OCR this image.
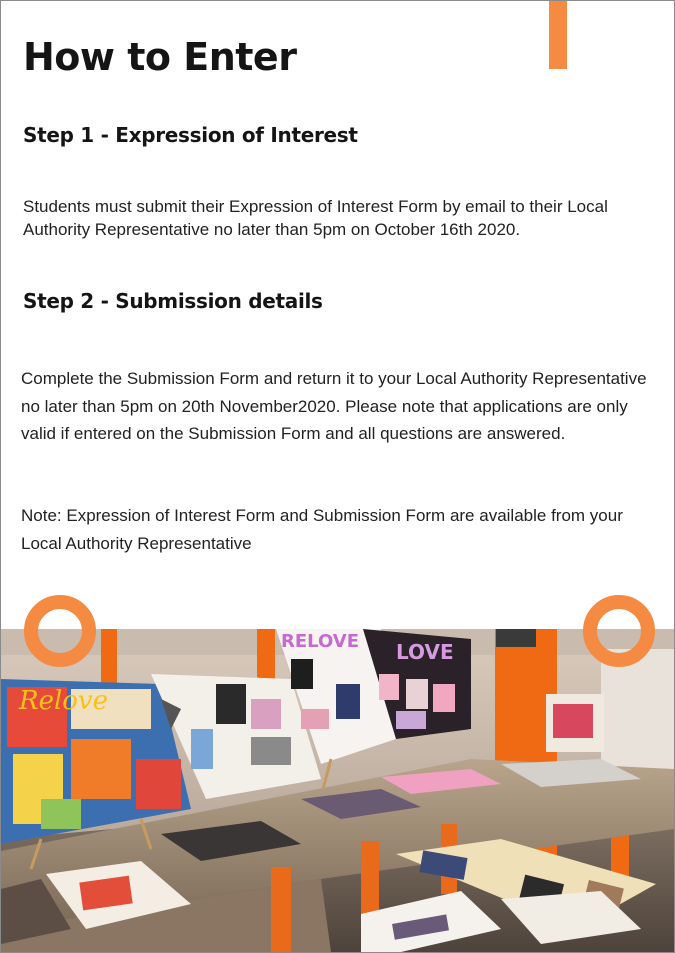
How to Enter
Step 1 - Expression of Interest

Students must submit their Expression of Interest Form by email to their Local Authority Representative no later than 5pm on October 16th 2020.

Step 2 - Submission details

Complete the Submission Form and return it to your Local Authority Representative no later than 5pm on 20th November2020. Please note that applications are only valid if entered on the Submission Form and all questions are answered.

Note: Expression of Interest Form and Submission Form are available from your Local Authority Representative

Relove
RELOVE LOVE
